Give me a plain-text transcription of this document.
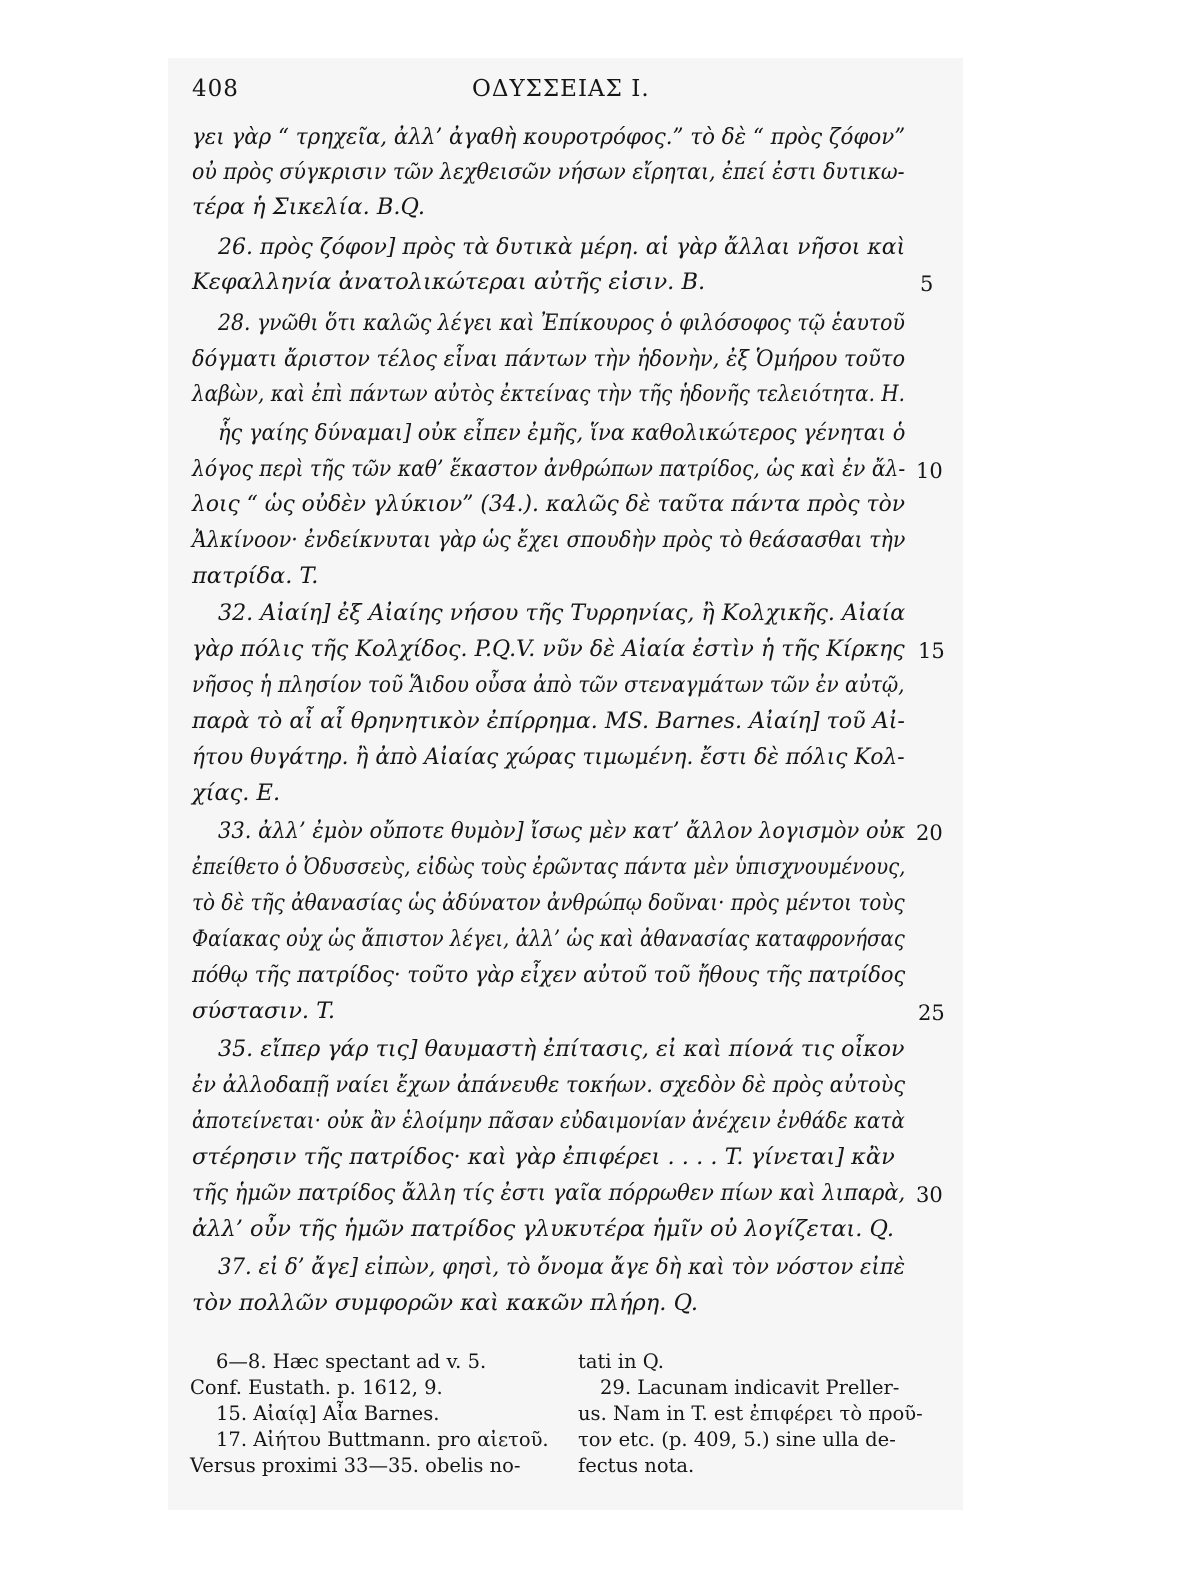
408	ΟΔΥΣΣΕΙΑΣ Ι.
γει γὰρ “ τρηχεῖα, ἀλλ’ ἀγαθὴ κουροτρόφος.” τὸ δὲ “ πρὸς ζόφον”
οὐ πρὸς σύγκρισιν τῶν λεχθεισῶν νήσων εἴρηται, ἐπεί ἐστι δυτικω-
τέρα ἡ Σικελία. B.Q.
26. πρὸς ζόφον] πρὸς τὰ δυτικὰ μέρη. αἱ γὰρ ἄλλαι νῆσοι καὶ
Κεφαλληνία ἀνατολικώτεραι αὐτῆς εἰσιν. B.
28. γνῶθι ὅτι καλῶς λέγει καὶ Ἐπίκουρος ὁ φιλόσοφος τῷ ἑαυτοῦ
δόγματι ἄριστον τέλος εἶναι πάντων τὴν ἡδονὴν, ἐξ Ὁμήρου τοῦτο
λαβὼν, καὶ ἐπὶ πάντων αὐτὸς ἐκτείνας τὴν τῆς ἡδονῆς τελειότητα. H.
ἧς γαίης δύναμαι] οὐκ εἶπεν ἐμῆς, ἵνα καθολικώτερος γένηται ὁ
λόγος περὶ τῆς τῶν καθ’ ἕκαστον ἀνθρώπων πατρίδος, ὡς καὶ ἐν ἄλ-
λοις “ ὡς οὐδὲν γλύκιον” (34.). καλῶς δὲ ταῦτα πάντα πρὸς τὸν
Ἀλκίνοον· ἐνδείκνυται γὰρ ὡς ἔχει σπουδὴν πρὸς τὸ θεάσασθαι τὴν
πατρίδα. T.
32. Αἰαίη] ἐξ Αἰαίης νήσου τῆς Τυρρηνίας, ἢ Κολχικῆς. Αἰαία
γὰρ πόλις τῆς Κολχίδος. P.Q.V. νῦν δὲ Αἰαία ἐστὶν ἡ τῆς Κίρκης
νῆσος ἡ πλησίον τοῦ Ἅιδου οὖσα ἀπὸ τῶν στεναγμάτων τῶν ἐν αὐτῷ,
παρὰ τὸ αἶ αἶ θρηνητικὸν ἐπίρρημα. MS. Barnes. Αἰαίη] τοῦ Αἰ-
ήτου θυγάτηρ. ἢ ἀπὸ Αἰαίας χώρας τιμωμένη. ἔστι δὲ πόλις Κολ-
χίας. E.
33. ἀλλ’ ἐμὸν οὔποτε θυμὸν] ἴσως μὲν κατ’ ἄλλον λογισμὸν οὐκ
ἐπείθετο ὁ Ὀδυσσεὺς, εἰδὼς τοὺς ἐρῶντας πάντα μὲν ὑπισχνουμένους,
τὸ δὲ τῆς ἀθανασίας ὡς ἀδύνατον ἀνθρώπῳ δοῦναι· πρὸς μέντοι τοὺς
Φαίακας οὐχ ὡς ἄπιστον λέγει, ἀλλ’ ὡς καὶ ἀθανασίας καταφρονήσας
πόθῳ τῆς πατρίδος· τοῦτο γὰρ εἶχεν αὐτοῦ τοῦ ἤθους τῆς πατρίδος
σύστασιν. T.
35. εἴπερ γάρ τις] θαυμαστὴ ἐπίτασις, εἰ καὶ πίονά τις οἶκον
ἐν ἀλλοδαπῇ ναίει ἔχων ἀπάνευθε τοκήων. σχεδὸν δὲ πρὸς αὐτοὺς
ἀποτείνεται· οὐκ ἂν ἑλοίμην πᾶσαν εὐδαιμονίαν ἀνέχειν ἐνθάδε κατὰ
στέρησιν τῆς πατρίδος· καὶ γὰρ ἐπιφέρει . . . . T. γίνεται] κἂν
τῆς ἡμῶν πατρίδος ἄλλη τίς ἐστι γαῖα πόρρωθεν πίων καὶ λιπαρὰ,
ἀλλ’ οὖν τῆς ἡμῶν πατρίδος γλυκυτέρα ἡμῖν οὐ λογίζεται. Q.
37. εἰ δ’ ἄγε] εἰπὼν, φησὶ, τὸ ὄνομα ἄγε δὴ καὶ τὸν νόστον εἰπὲ
τὸν πολλῶν συμφορῶν καὶ κακῶν πλήρη. Q.
5
10
15
20
25
30
6—8. Hæc spectant ad v. 5.
Conf. Eustath. p. 1612, 9.
15. Αἰαίᾳ] Αἶα Barnes.
17. Αἰήτου Buttmann. pro αἰετοῦ.
Versus proximi 33—35. obelis no-
tati in Q.
29. Lacunam indicavit Preller-
us. Nam in T. est ἐπιφέρει τὸ προῦ-
τον etc. (p. 409, 5.) sine ulla de-
fectus nota.
